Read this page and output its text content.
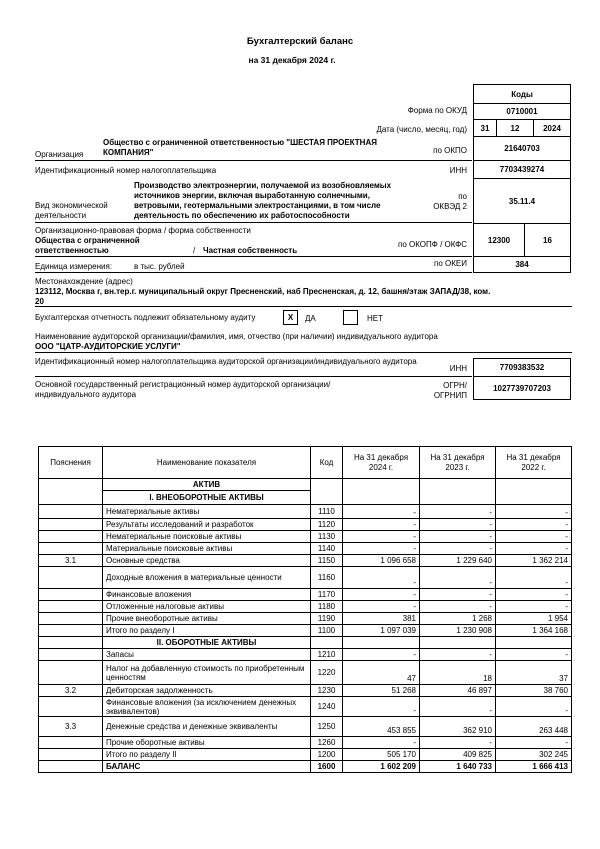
Бухгалтерский баланс
на 31 декабря 2024 г.
Коды
Форма по ОКУД	0710001
Дата (число, месяц, год) 31	12	2024
Организация
Общество с ограниченной ответственностью "ШЕСТАЯ ПРОЕКТНАЯ КОМПАНИЯ"	по ОКПО	21640703
Идентификационный номер налогоплательщика	ИНН	7703439274
Вид экономической деятельности
Производство электроэнергии, получаемой из возобновляемых источников энергии, включая выработанную солнечными, ветровыми, геотермальными электростанциями, в том числе деятельность по обеспечению их работоспособности
по
ОКВЭД 2
35.11.4
Организационно-правовая форма / форма собственности
Общества с ограниченной ответственностью	/ Частная собственность
по ОКОПФ / ОКФС	12300	16
Единица измерения:	в тыс. рублей	по ОКЕИ	384
Местонахождение (адрес)
123112, Москва г, вн.тер.г. муниципальный округ Пресненский, наб Пресненская, д. 12, башня/этаж ЗАПАД/38, ком. 20
Бухгалтерская отчетность подлежит обязательному аудиту	X ДА	НЕТ
Наименование аудиторской организации/фамилия, имя, отчество (при наличии) индивидуального аудитора
ООО "ЦАТР-АУДИТОРСКИЕ УСЛУГИ"
Идентификационный номер налогоплательщика аудиторской организации/индивидуального аудитора
ИНН	7709383532
Основной государственный регистрационный номер аудиторской организации/индивидуального аудитора
ОГРН/
ОГРНИП
1027739707203
Пояснения	Наименование показателя	Код	На 31 декабря 2024 г.	На 31 декабря 2023 г.	На 31 декабря 2022 г.
	АКТИВ				
	I. ВНЕОБОРОТНЫЕ АКТИВЫ				
	Нематериальные активы	1110	-	-	-
	Результаты исследований и разработок	1120	-	-	-
	Нематериальные поисковые активы	1130	-	-	-
	Материальные поисковые активы	1140	-	-	-
3.1	Основные средства	1150	1 096 658	1 229 640	1 362 214
	Доходные вложения в материальные ценности	1160	-	-	-
	Финансовые вложения	1170	-	-	-
	Отложенные налоговые активы	1180	-	-	-
	Прочие внеоборотные активы	1190	381	1 268	1 954
	Итого по разделу I	1100	1 097 039	1 230 908	1 364 168
	II. ОБОРОТНЫЕ АКТИВЫ				
	Запасы	1210	-	-	-
	Налог на добавленную стоимость по приобретенным ценностям	1220	47	18	37
3.2	Дебиторская задолженность	1230	51 268	46 897	38 760
	Финансовые вложения (за исключением денежных эквивалентов)	1240	-	-	-
3.3	Денежные средства и денежные эквиваленты	1250	453 855	362 910	263 448
	Прочие оборотные активы	1260	-	-	-
	Итого по разделу II	1200	505 170	409 825	302 245
	БАЛАНС	1600	1 602 209	1 640 733	1 666 413
